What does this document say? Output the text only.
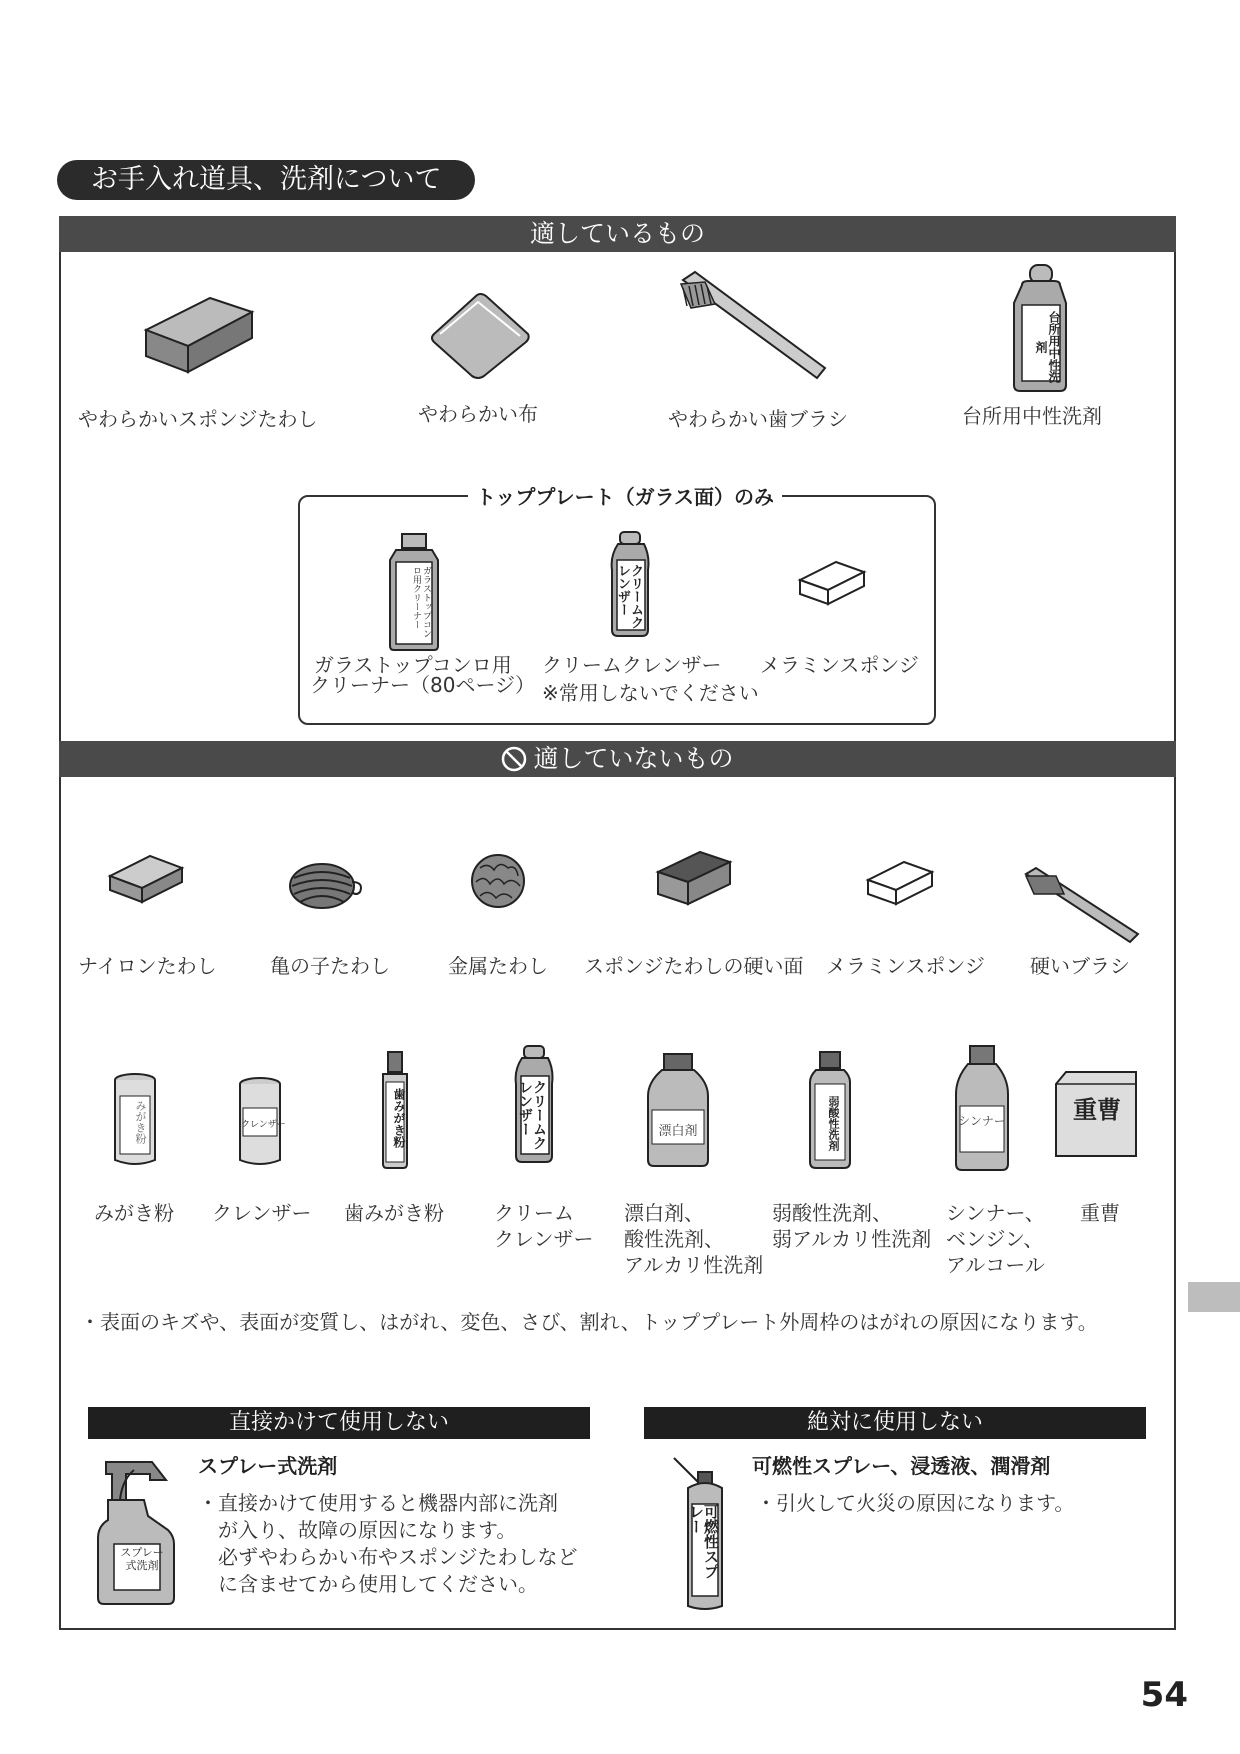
お手入れ道具、洗剤について
適しているもの
台所用中性洗剤
やわらかいスポンジたわし	やわらかい布	やわらかい歯ブラシ	台所用中性洗剤
トッププレート（ガラス面）のみ
ガラストップコンロ用クリーナー	クリームクレンザー
ガラストップコンロ用
クリーナー（80ページ）
クリームクレンザー
※常用しないでください
メラミンスポンジ
適していないもの
ナイロンたわし	亀の子たわし	金属たわし スポンジたわしの硬い面 メラミンスポンジ 硬いブラシ
みがき粉	クレンザー	歯みがき粉	クリームクレンザー	漂白剤	弱酸性洗剤	シンナー	重曹
みがき粉 クレンザー 歯みがき粉	クリーム
クレンザー
漂白剤、
酸性洗剤、
アルカリ性洗剤
弱酸性洗剤、
弱アルカリ性洗剤
シンナー、
ベンジン、
アルコール
重曹
・表面のキズや、表面が変質し、はがれ、変色、さび、割れ、トッププレート外周枠のはがれの原因になります。
直接かけて使用しない
スプレー式洗剤
スプレー式洗剤
・直接かけて使用すると機器内部に洗剤
　が入り、故障の原因になります。
　必ずやわらかい布やスポンジたわしなど
　に含ませてから使用してください。
絶対に使用しない
可燃性スプレー
可燃性スプレー、浸透液、潤滑剤
・引火して火災の原因になります。
54
